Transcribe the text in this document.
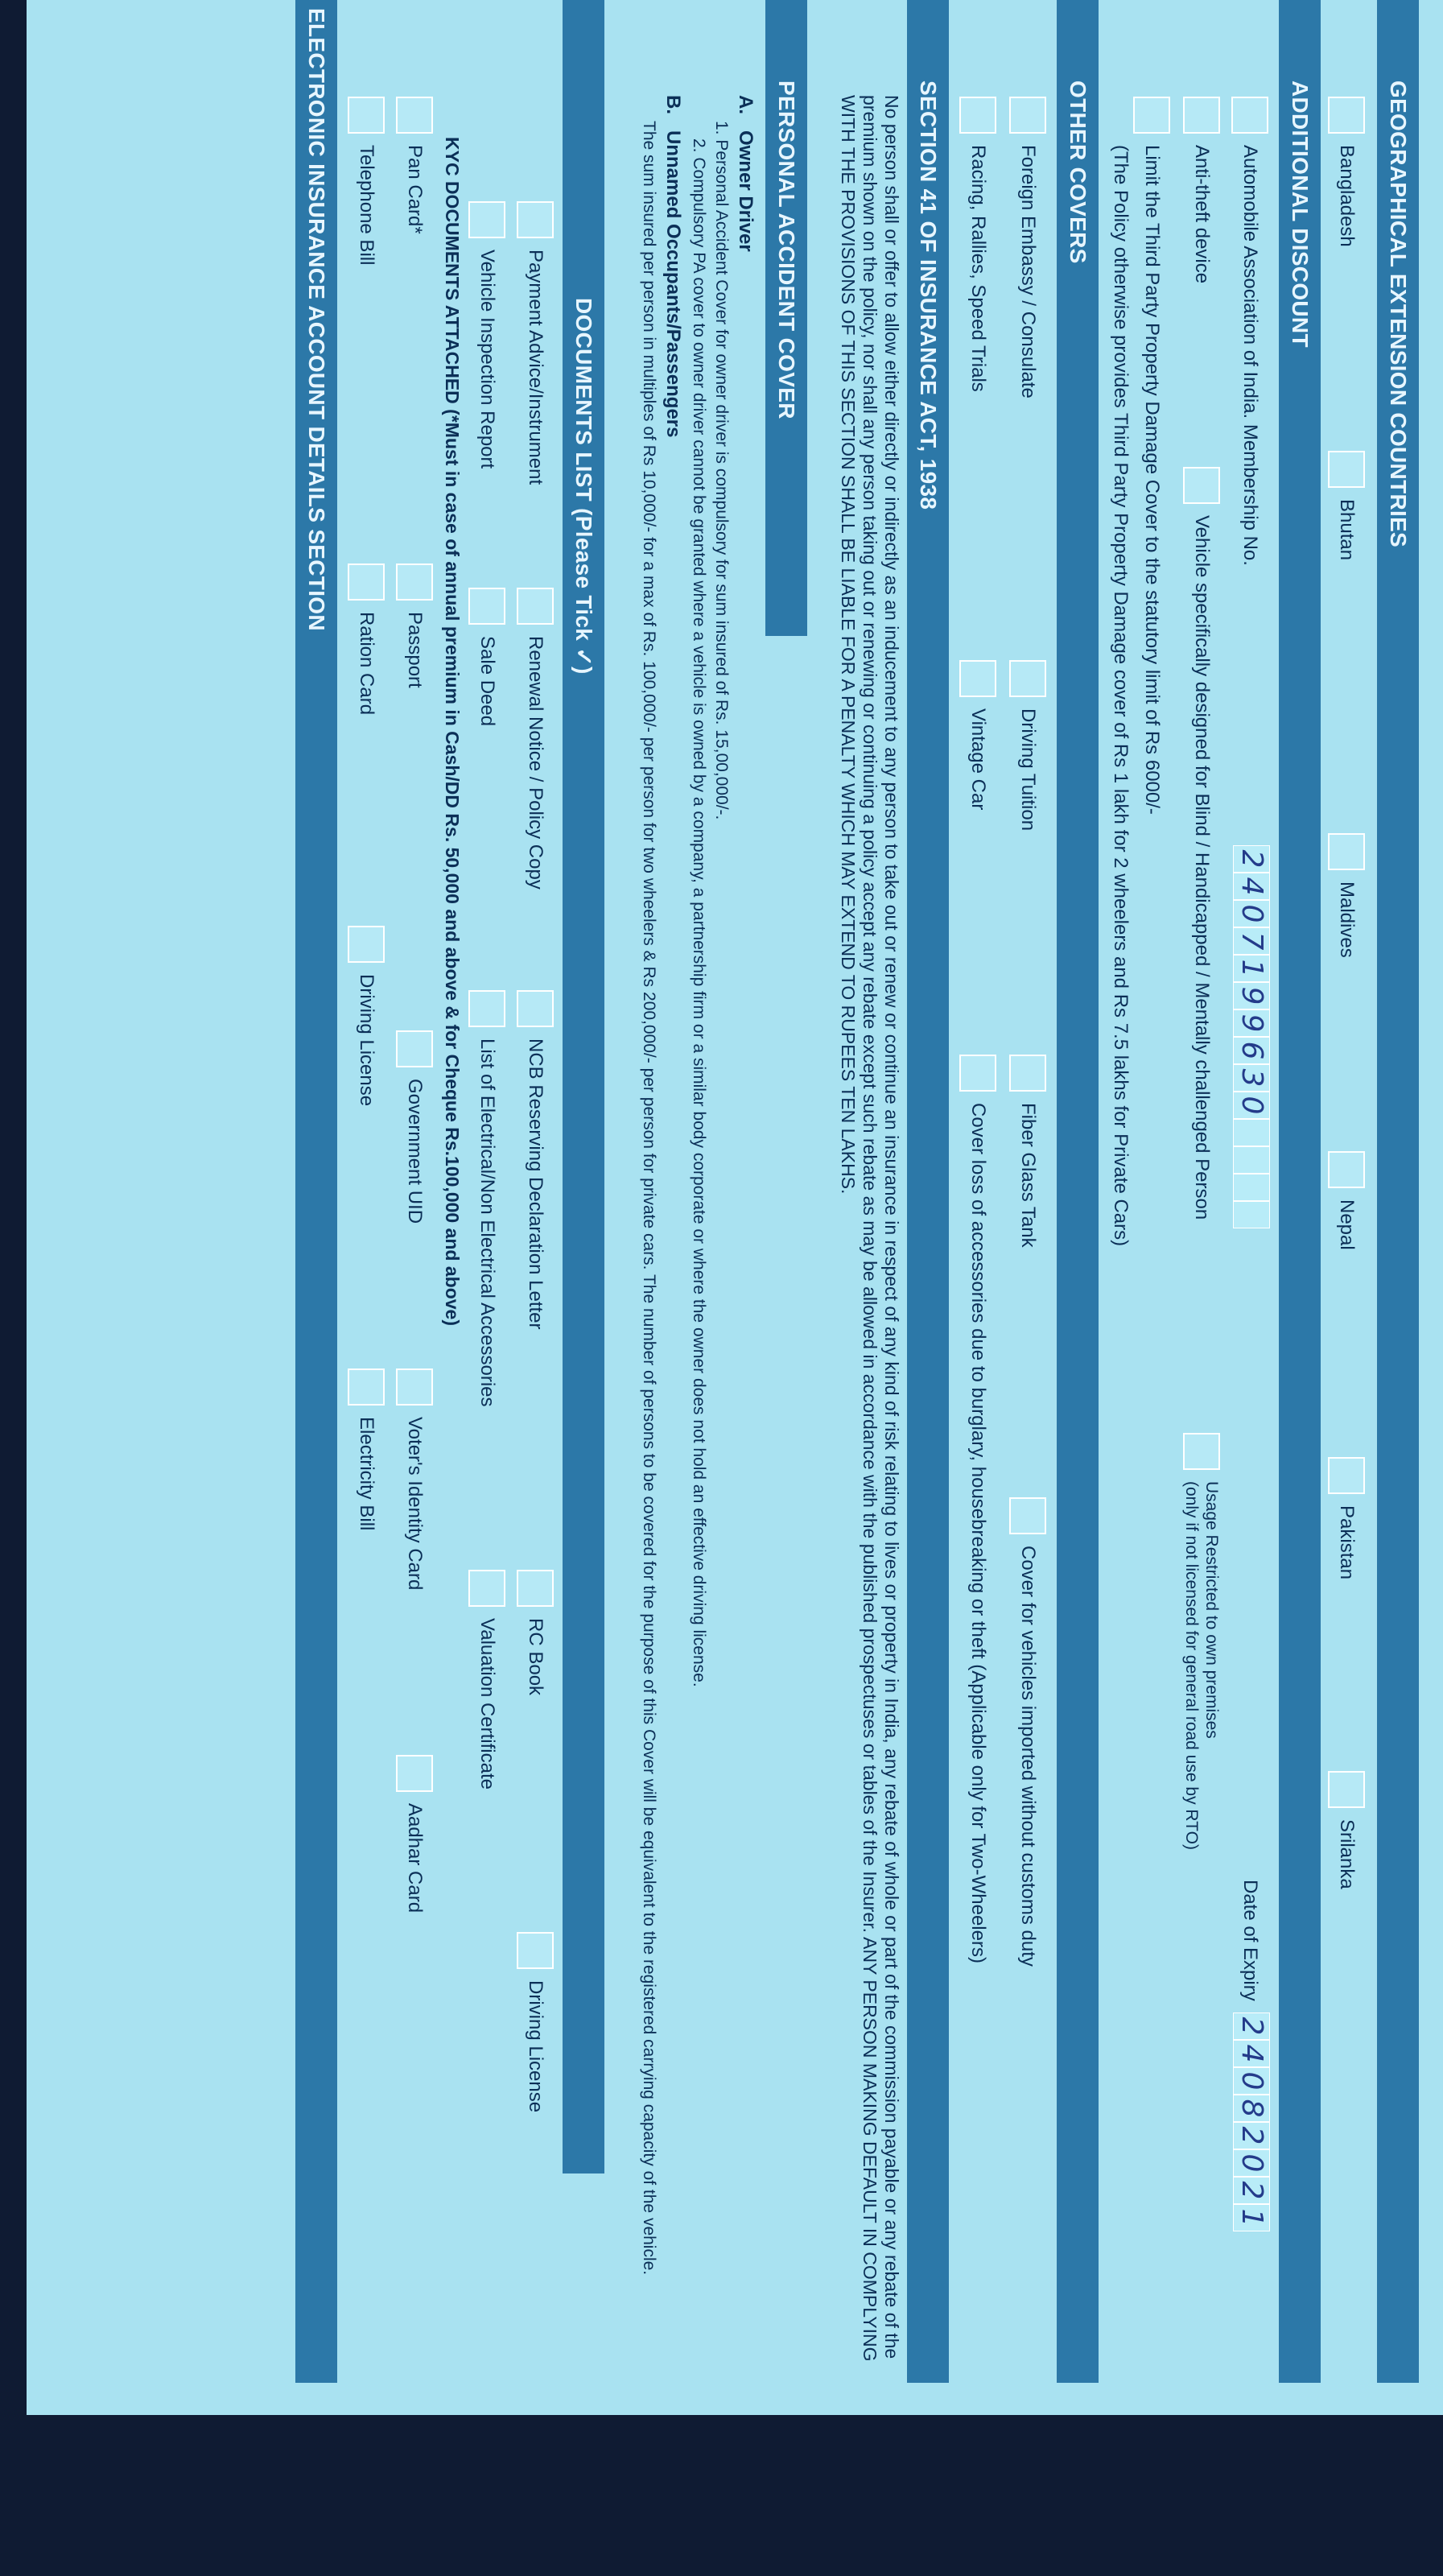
GEOGRAPHICAL EXTENSION COUNTRIES
Bangladesh
Bhutan
Maldives
Nepal
Pakistan
Srilanka
ADDITIONAL DISCOUNT
Automobile Association of India. Membership No.
2
4
0
7
1
9
9
6
3
0
Date of Expiry
2
4
0
8
2
0
2
1
Anti-theft device
Vehicle specifically designed for Blind / Handicapped / Mentally challenged Person
Usage Restricted to own premises
(only if not licensed for general road use by RTO)
Limit the Third Party Property Damage Cover to the statutory limit of Rs 6000/-
(The Policy otherwise provides Third Party Property Damage cover of Rs 1 lakh for 2 wheelers and Rs 7.5 lakhs for Private Cars)
OTHER COVERS
Foreign Embassy / Consulate
Driving Tuition
Fiber Glass Tank
Cover for vehicles imported without customs duty
Racing, Rallies, Speed Trials
Vintage Car
Cover loss of accessories due to burglary, housebreaking or theft (Applicable only for Two-Wheelers)
SECTION 41 OF INSURANCE ACT, 1938
No person shall or offer to allow either directly or indirectly as an inducement to any person to take out or renew or continue an insurance in respect of any kind of risk relating to lives or property in India, any rebate of whole or part of the commission payable or any rebate of the premium shown on the policy, nor shall any person taking out or renewing or continuing a policy accept any rebate except such rebate as may be allowed in accordance with the published prospectuses or tables of the Insurer. ANY PERSON MAKING DEFAULT IN COMPLYING WITH THE PROVISIONS OF THIS SECTION SHALL BE LIABLE FOR A PENALTY WHICH MAY EXTEND TO RUPEES TEN LAKHS.
PERSONAL ACCIDENT COVER
A.   Owner Driver
1. Personal Accident Cover for owner driver is compulsory for sum insured of Rs. 15,00,000/-.
2. Compulsory PA cover to owner driver cannot be granted where a vehicle is owned by a company, a partnership firm or a similar body corporate or where the owner does not hold an effective driving license.
B.   Unnamed Occupants/Passengers
The sum insured per person in multiples of Rs 10,000/- for a max of Rs. 100,000/- per person for two wheelers & Rs 200,000/- per person for private cars. The number of persons to be covered for the purpose of this Cover will be equivalent to the registered carrying capacity of the vehicle.
DOCUMENTS LIST (Please Tick ✓)
Payment Advice/Instrument
Renewal Notice / Policy Copy
NCB Reserving Declaration Letter
RC Book
Driving License
Vehicle Inspection Report
Sale Deed
List of Electrical/Non Electrical Accessories
Valuation Certificate
KYC DOCUMENTS ATTACHED (*Must in case of annual premium in Cash/DD Rs. 50,000 and above & for Cheque Rs.100,000 and above)
Pan Card*
Passport
Government UID
Voter's Identity Card
Aadhar Card
Telephone Bill
Ration Card
Driving License
Electricity Bill
ELECTRONIC INSURANCE ACCOUNT DETAILS SECTION
